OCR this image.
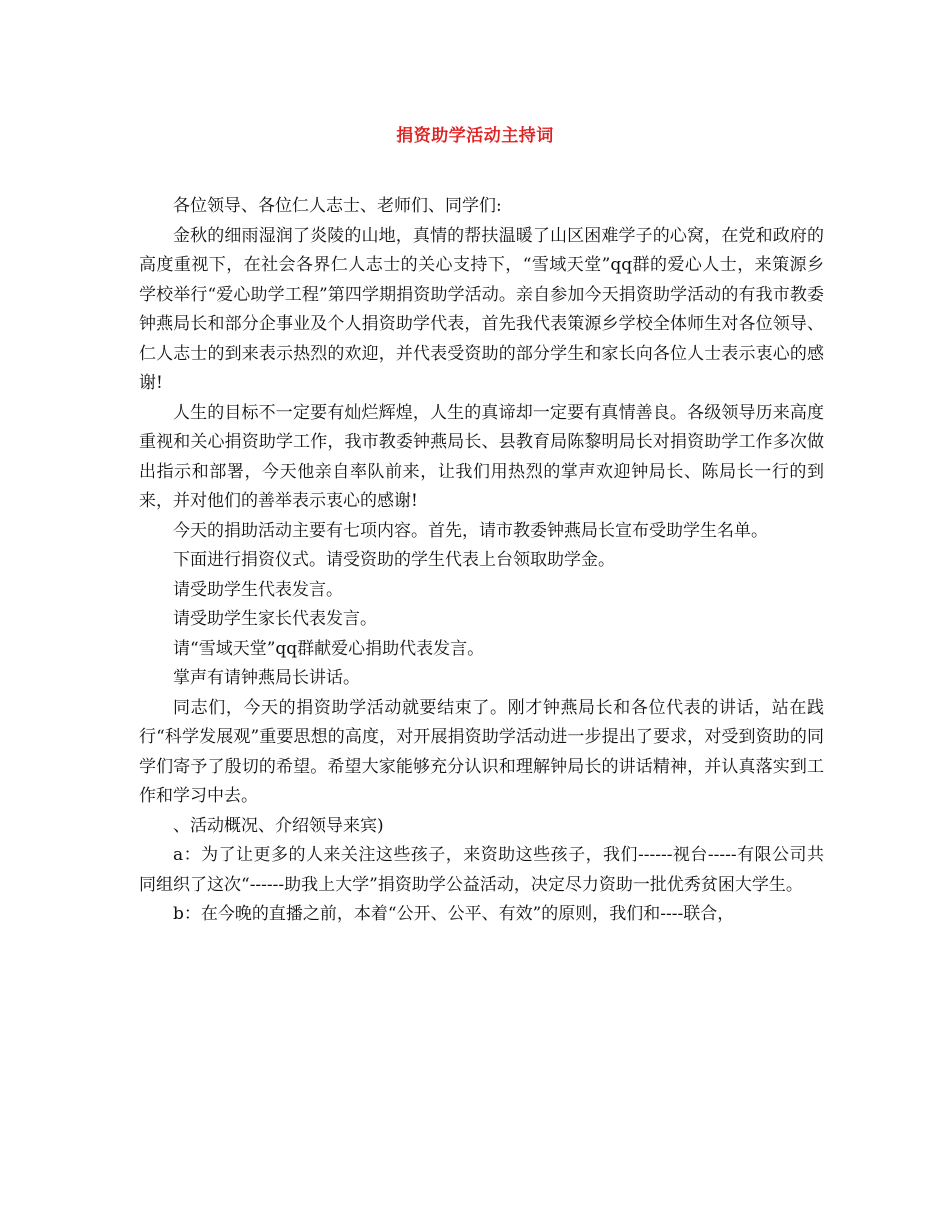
捐资助学活动主持词

各位领导、各位仁人志士、老师们、同学们:

金秋的细雨湿润了炎陵的山地，真情的帮扶温暖了山区困难学子的心窝，在党和政府的高度重视下，在社会各界仁人志士的关心支持下，“雪域天堂”qq群的爱心人士，来策源乡学校举行“爱心助学工程”第四学期捐资助学活动。亲自参加今天捐资助学活动的有我市教委钟燕局长和部分企事业及个人捐资助学代表，首先我代表策源乡学校全体师生对各位领导、仁人志士的到来表示热烈的欢迎，并代表受资助的部分学生和家长向各位人士表示衷心的感谢!

人生的目标不一定要有灿烂辉煌，人生的真谛却一定要有真情善良。各级领导历来高度重视和关心捐资助学工作，我市教委钟燕局长、县教育局陈黎明局长对捐资助学工作多次做出指示和部署，今天他亲自率队前来，让我们用热烈的掌声欢迎钟局长、陈局长一行的到来，并对他们的善举表示衷心的感谢!

今天的捐助活动主要有七项内容。首先，请市教委钟燕局长宣布受助学生名单。

下面进行捐资仪式。请受资助的学生代表上台领取助学金。

请受助学生代表发言。

请受助学生家长代表发言。

请“雪域天堂”qq群献爱心捐助代表发言。

掌声有请钟燕局长讲话。

同志们，今天的捐资助学活动就要结束了。刚才钟燕局长和各位代表的讲话，站在践行“科学发展观”重要思想的高度，对开展捐资助学活动进一步提出了要求，对受到资助的同学们寄予了殷切的希望。希望大家能够充分认识和理解钟局长的讲话精神，并认真落实到工作和学习中去。

、活动概况、介绍领导来宾)

a：为了让更多的人来关注这些孩子，来资助这些孩子，我们------视台-----有限公司共同组织了这次“------助我上大学”捐资助学公益活动，决定尽力资助一批优秀贫困大学生。

b：在今晚的直播之前，本着“公开、公平、有效”的原则，我们和----联合，
